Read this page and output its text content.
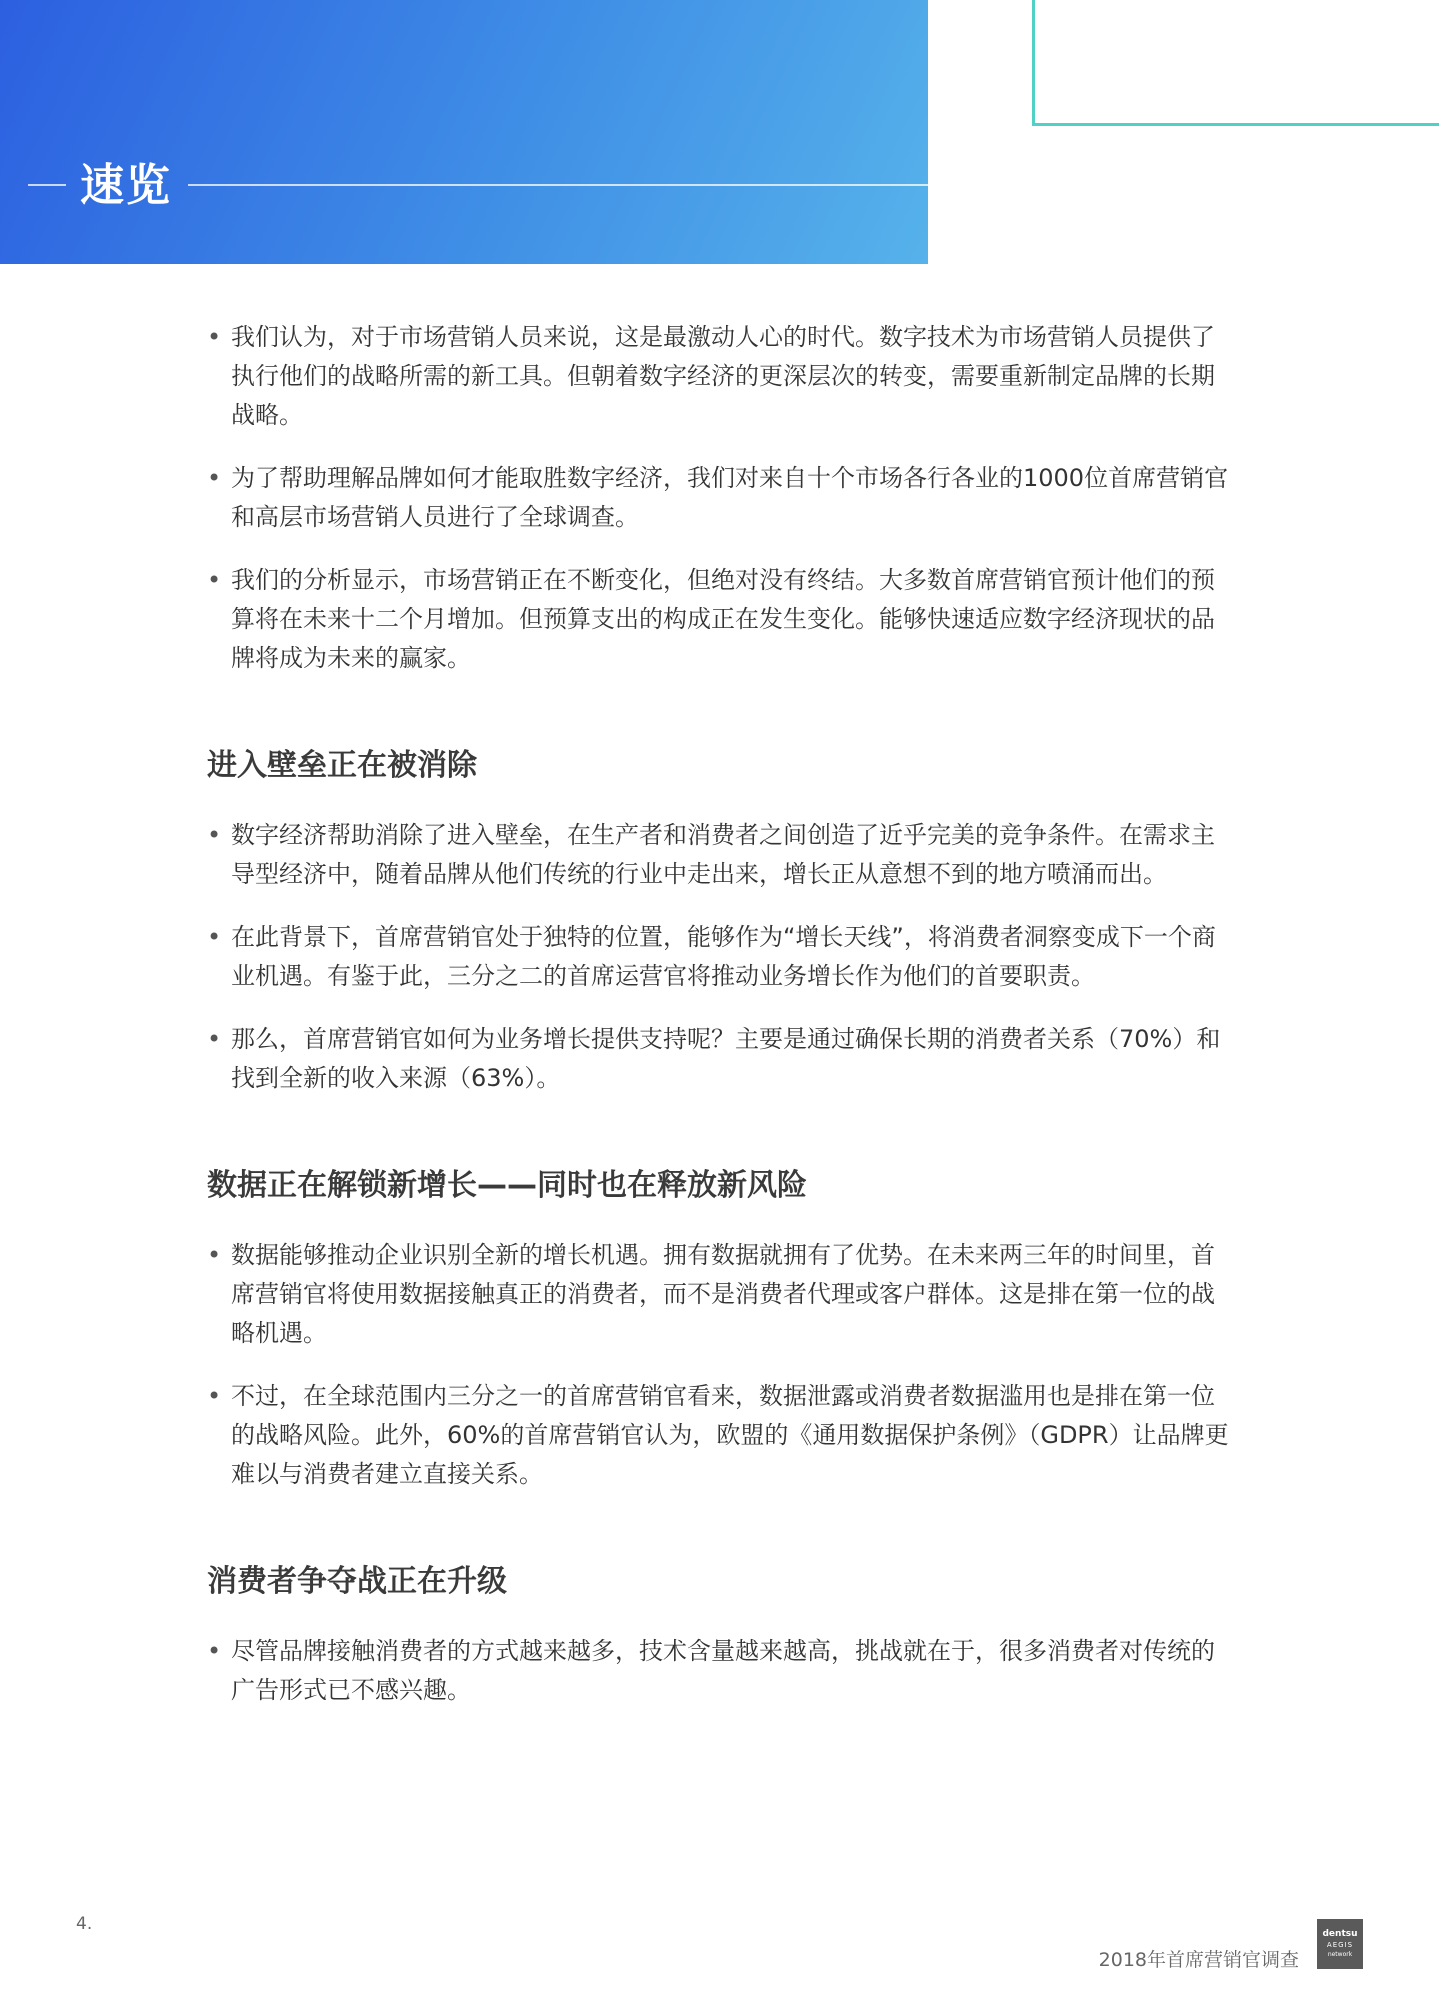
速览
• 我们认为，对于市场营销人员来说，这是最激动人心的时代。数字技术为市场营销人员提供了执行他们的战略所需的新工具。但朝着数字经济的更深层次的转变，需要重新制定品牌的长期战略。
• 为了帮助理解品牌如何才能取胜数字经济，我们对来自十个市场各行各业的1000位首席营销官和高层市场营销人员进行了全球调查。
• 我们的分析显示，市场营销正在不断变化，但绝对没有终结。大多数首席营销官预计他们的预算将在未来十二个月增加。但预算支出的构成正在发生变化。能够快速适应数字经济现状的品牌将成为未来的赢家。
进入壁垒正在被消除
• 数字经济帮助消除了进入壁垒，在生产者和消费者之间创造了近乎完美的竞争条件。在需求主导型经济中，随着品牌从他们传统的行业中走出来，增长正从意想不到的地方喷涌而出。
• 在此背景下，首席营销官处于独特的位置，能够作为“增长天线”，将消费者洞察变成下一个商业机遇。有鉴于此，三分之二的首席运营官将推动业务增长作为他们的首要职责。
• 那么，首席营销官如何为业务增长提供支持呢？主要是通过确保长期的消费者关系（70%）和找到全新的收入来源（63%）。
数据正在解锁新增长——同时也在释放新风险
• 数据能够推动企业识别全新的增长机遇。拥有数据就拥有了优势。在未来两三年的时间里，首席营销官将使用数据接触真正的消费者，而不是消费者代理或客户群体。这是排在第一位的战略机遇。
• 不过，在全球范围内三分之一的首席营销官看来，数据泄露或消费者数据滥用也是排在第一位的战略风险。此外，60%的首席营销官认为，欧盟的《通用数据保护条例》（GDPR）让品牌更难以与消费者建立直接关系。
消费者争夺战正在升级
• 尽管品牌接触消费者的方式越来越多，技术含量越来越高，挑战就在于，很多消费者对传统的广告形式已不感兴趣。
4.
2018年首席营销官调查
dentsu
AEGIS
network
